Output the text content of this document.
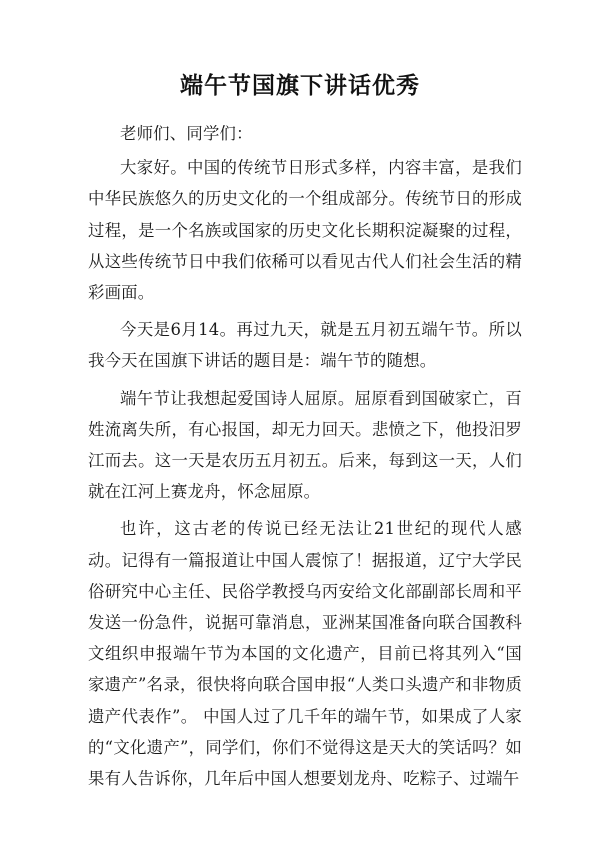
端午节国旗下讲话优秀

老师们、同学们：

大家好。中国的传统节日形式多样，内容丰富，是我们中华民族悠久的历史文化的一个组成部分。传统节日的形成过程，是一个名族或国家的历史文化长期积淀凝聚的过程，从这些传统节日中我们依稀可以看见古代人们社会生活的精彩画面。

今天是6月14。再过九天，就是五月初五端午节。所以我今天在国旗下讲话的题目是：端午节的随想。

端午节让我想起爱国诗人屈原。屈原看到国破家亡，百姓流离失所，有心报国，却无力回天。悲愤之下，他投汨罗江而去。这一天是农历五月初五。后来，每到这一天，人们就在江河上赛龙舟，怀念屈原。

也许，这古老的传说已经无法让21世纪的现代人感动。记得有一篇报道让中国人震惊了！据报道，辽宁大学民俗研究中心主任、民俗学教授乌丙安给文化部副部长周和平发送一份急件，说据可靠消息，亚洲某国准备向联合国教科文组织申报端午节为本国的文化遗产，目前已将其列入“国家遗产”名录，很快将向联合国申报“人类口头遗产和非物质遗产代表作”。 中国人过了几千年的端午节，如果成了人家的“文化遗产”，同学们，你们不觉得这是天大的笑话吗？如果有人告诉你，几年后中国人想要划龙舟、吃粽子、过端午
